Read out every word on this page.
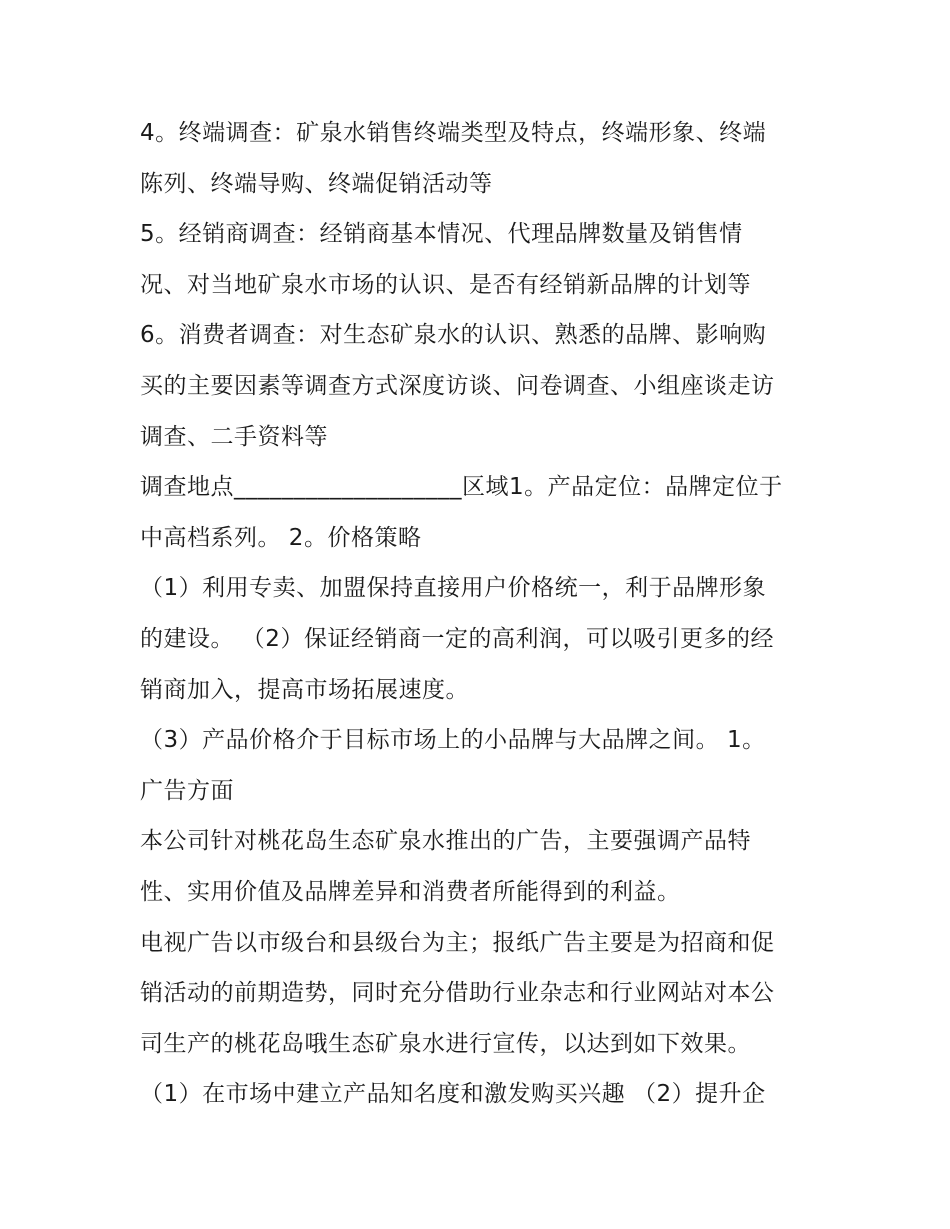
4。终端调查：矿泉水销售终端类型及特点，终端形象、终端

陈列、终端导购、终端促销活动等

5。经销商调查：经销商基本情况、代理品牌数量及销售情

况、对当地矿泉水市场的认识、是否有经销新品牌的计划等

6。消费者调查：对生态矿泉水的认识、熟悉的品牌、影响购

买的主要因素等调查方式深度访谈、问卷调查、小组座谈走访

调查、二手资料等

调查地点___________________区域1。产品定位：品牌定位于

中高档系列。 2。价格策略

（1）利用专卖、加盟保持直接用户价格统一，利于品牌形象

的建设。 （2）保证经销商一定的高利润，可以吸引更多的经

销商加入，提高市场拓展速度。

（3）产品价格介于目标市场上的小品牌与大品牌之间。 1。

广告方面

本公司针对桃花岛生态矿泉水推出的广告，主要强调产品特

性、实用价值及品牌差异和消费者所能得到的利益。

电视广告以市级台和县级台为主；报纸广告主要是为招商和促

销活动的前期造势，同时充分借助行业杂志和行业网站对本公

司生产的桃花岛哦生态矿泉水进行宣传，以达到如下效果。

（1）在市场中建立产品知名度和激发购买兴趣 （2）提升企
